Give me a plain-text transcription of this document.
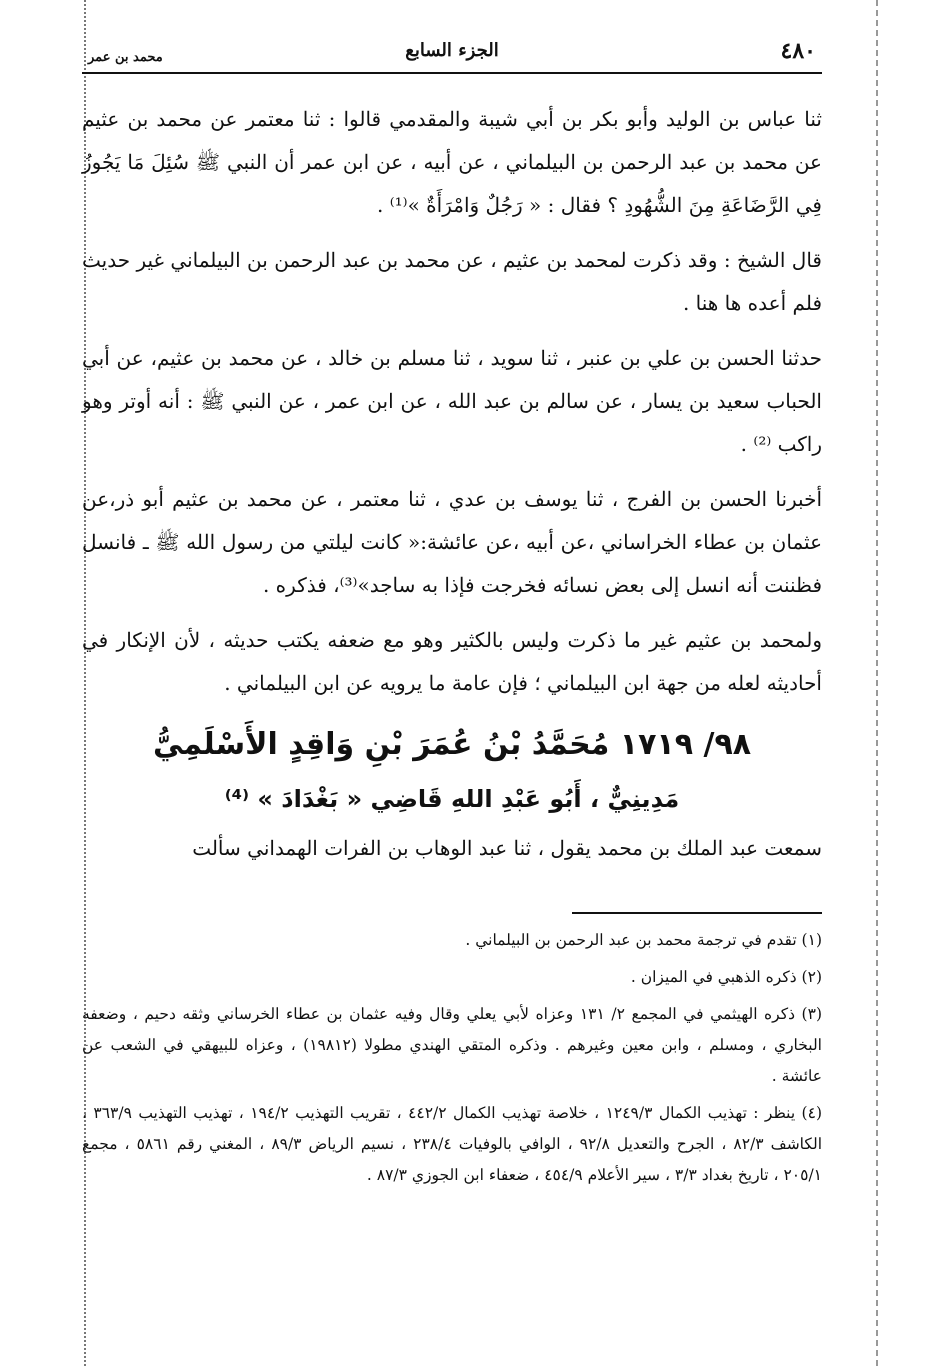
٤٨٠
الجزء السابع
محمد بن عمر

ثنا عباس بن الوليد وأبو بكر بن أبي شيبة والمقدمي قالوا : ثنا معتمر عن محمد بن عثيم عن محمد بن عبد الرحمن بن البيلماني ، عن أبيه ، عن ابن عمر أن النبي ﷺ سُئِلَ مَا يَجُوزُ فِي الرَّضَاعَةِ مِنَ الشُّهُودِ ؟ فقال : « رَجُلٌ وَامْرَأَةٌ »⁽¹⁾ .

قال الشيخ : وقد ذكرت لمحمد بن عثيم ، عن محمد بن عبد الرحمن بن البيلماني غير حديث فلم أعده ها هنا .

حدثنا الحسن بن علي بن عنبر ، ثنا سويد ، ثنا مسلم بن خالد ، عن محمد بن عثيم، عن أبي الحباب سعيد بن يسار ، عن سالم بن عبد الله ، عن ابن عمر ، عن النبي ﷺ : أنه أوتر وهو راكب ⁽²⁾ .

أخبرنا الحسن بن الفرج ، ثنا يوسف بن عدي ، ثنا معتمر ، عن محمد بن عثيم أبو ذر،عن عثمان بن عطاء الخراساني ،عن أبيه ،عن عائشة:« كانت ليلتي من رسول الله ﷺ ـ فانسل فظننت أنه انسل إلى بعض نسائه فخرجت فإذا به ساجد»⁽³⁾، فذكره .

ولمحمد بن عثيم غير ما ذكرت وليس بالكثير وهو مع ضعفه يكتب حديثه ، لأن الإنكار في أحاديثه لعله من جهة ابن البيلماني ؛ فإن عامة ما يرويه عن ابن البيلماني .

٩٨/ ١٧١٩ مُحَمَّدُ بْنُ عُمَرَ بْنِ وَاقِدٍ الأَسْلَمِيُّ
مَدِينِيٌّ ، أَبُو عَبْدِ اللهِ قَاضِي « بَغْدَادَ » ⁽⁴⁾

سمعت عبد الملك بن محمد يقول ، ثنا عبد الوهاب بن الفرات الهمداني سألت

(١) تقدم في ترجمة محمد بن عبد الرحمن بن البيلماني .

(٢) ذكره الذهبي في الميزان .

(٣) ذكره الهيثمي في المجمع ٢/ ١٣١ وعزاه لأبي يعلي وقال وفيه عثمان بن عطاء الخرساني وثقه دحيم ، وضعفه البخاري ، ومسلم ، وابن معين وغيرهم . وذكره المتقي الهندي مطولا (١٩٨١٢) ، وعزاه للبيهقي في الشعب عن عائشة .

(٤) ينظر : تهذيب الكمال ١٢٤٩/٣ ، خلاصة تهذيب الكمال ٤٤٢/٢ ، تقريب التهذيب ١٩٤/٢ ، تهذيب التهذيب ٣٦٣/٩ ، الكاشف ٨٢/٣ ، الجرح والتعديل ٩٢/٨ ، الوافي بالوفيات ٢٣٨/٤ ، نسيم الرياض ٨٩/٣ ، المغني رقم ٥٨٦١ ، مجمع ٢٠٥/١ ، تاريخ بغداد ٣/٣ ، سير الأعلام ٤٥٤/٩ ، ضعفاء ابن الجوزي ٨٧/٣ .
